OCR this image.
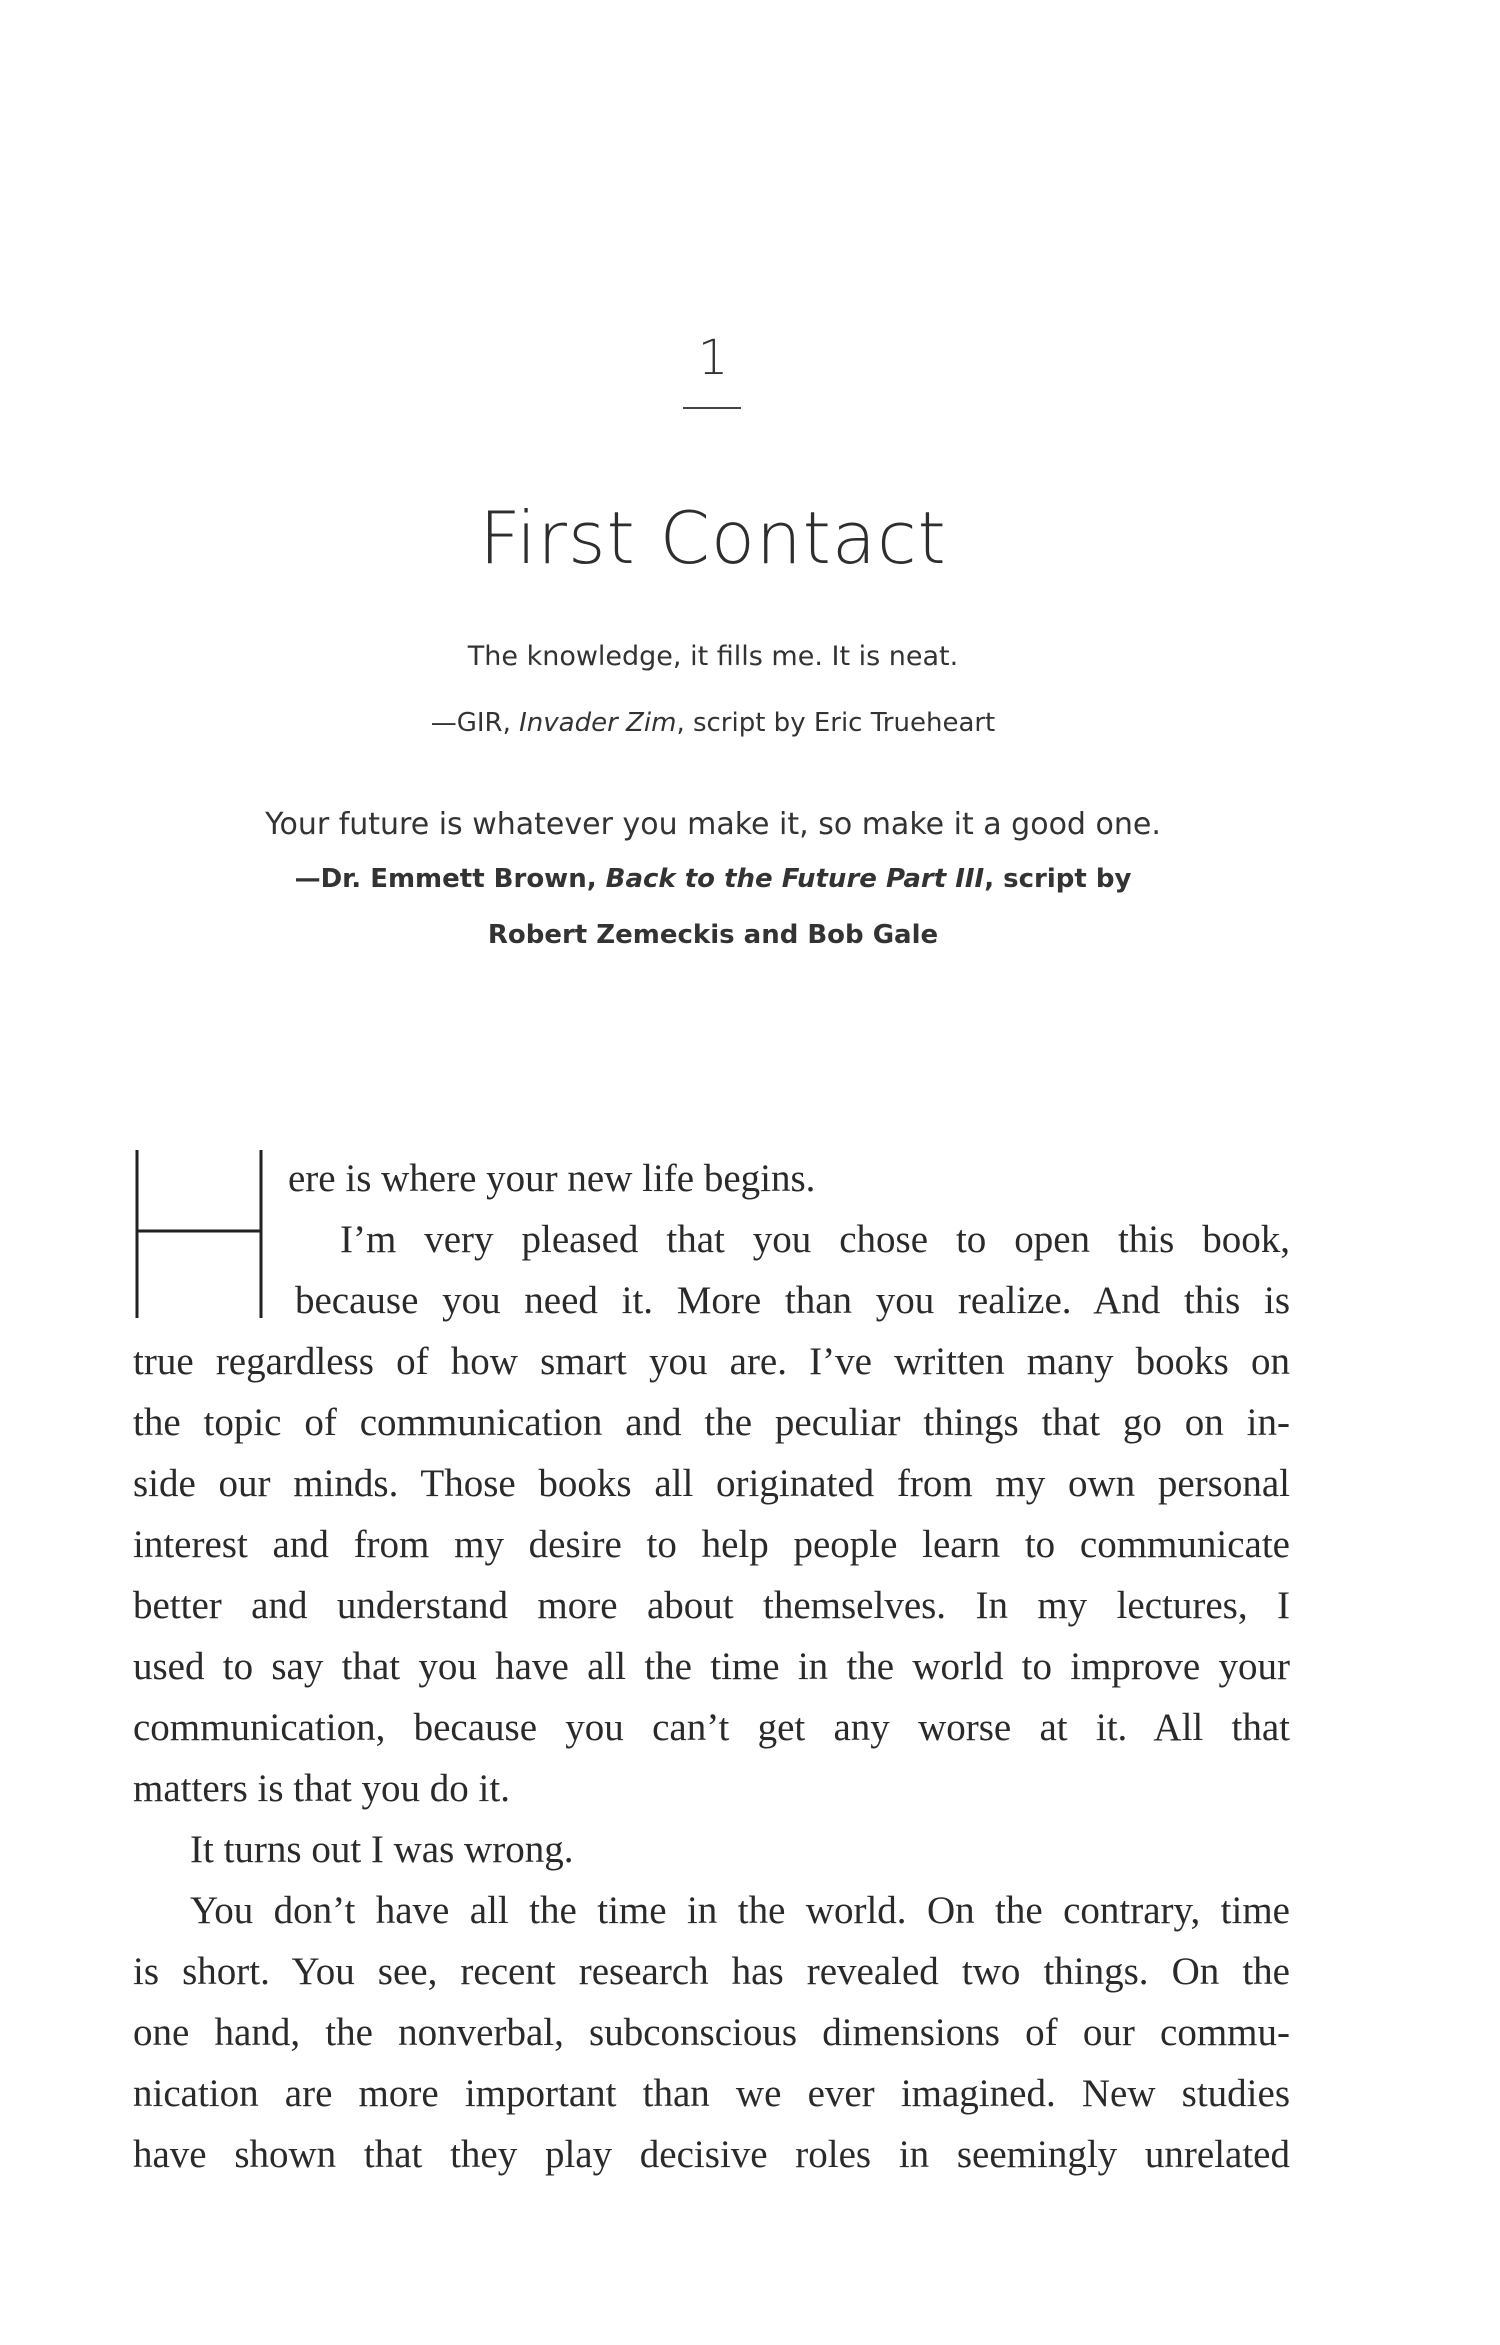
1
First Contact
The knowledge, it fills me. It is neat.
—GIR, Invader Zim, script by Eric Trueheart
Your future is whatever you make it, so make it a good one.
—Dr. Emmett Brown, Back to the Future Part III, script by
Robert Zemeckis and Bob Gale
ere is where your new life begins.
I’m very pleased that you chose to open this book,
because you need it. More than you realize. And this is
true regardless of how smart you are. I’ve written many books on
the topic of communication and the peculiar things that go on in-
side our minds. Those books all originated from my own personal
interest and from my desire to help people learn to communicate
better and understand more about themselves. In my lectures, I
used to say that you have all the time in the world to improve your
communication, because you can’t get any worse at it. All that
matters is that you do it.
It turns out I was wrong.
You don’t have all the time in the world. On the contrary, time
is short. You see, recent research has revealed two things. On the
one hand, the nonverbal, subconscious dimensions of our commu-
nication are more important than we ever imagined. New studies
have shown that they play decisive roles in seemingly unrelated
